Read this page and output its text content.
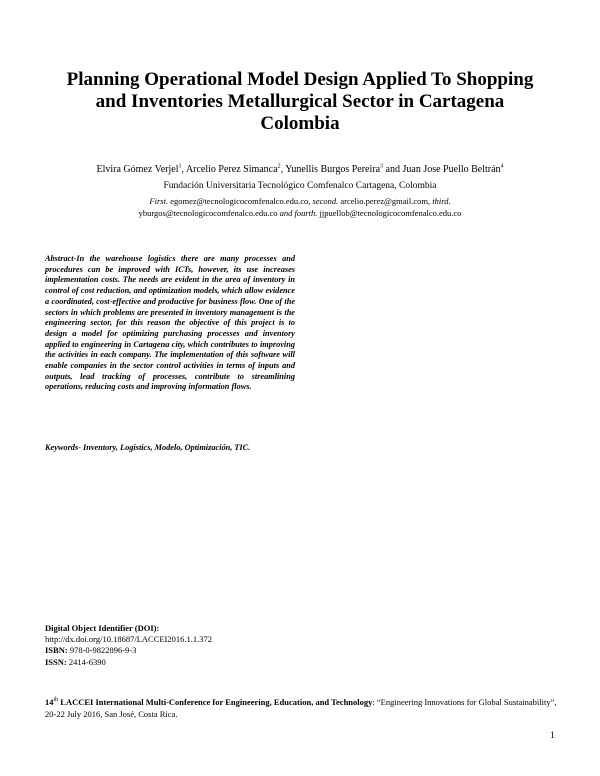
Planning Operational Model Design Applied To Shopping and Inventories Metallurgical Sector in Cartagena Colombia
Elvira Gómez Verjel$^1$, Arcelio Perez Simanca$^2$, Yunellis Burgos Pereira$^3$ and Juan Jose Puello Beltrán$^4$
Fundación Universitaria Tecnológico Comfenalco Cartagena, Colombia
First. egomez@tecnologicocomfenalco.edu.co, second. arcelio.perez@gmail.com, third.
yburgos@tecnologicocomfenalco.edu.co and fourth. jjpuellob@tecnologicocomfenalco.edu.co

Abstract-In the warehouse logistics there are many processes and procedures can be improved with ICTs, however, its use increases implementation costs. The needs are evident in the area of inventory in control of cost reduction, and optimization models, which allow evidence a coordinated, cost-effective and productive for business flow. One of the sectors in which problems are presented in inventory management is the engineering sector, for this reason the objective of this project is to design a model for optimizing purchasing processes and inventory applied to engineering in Cartagena city, which contributes to improving the activities in each company. The implementation of this software will enable companies in the sector control activities in terms of inputs and outputs, lead tracking of processes, contribute to streamlining operations, reducing costs and improving information flows.

Keywords- Inventory, Logistics, Modelo, Optimización, TIC.

Digital Object Identifier (DOI):
http://dx.doi.org/10.18687/LACCEI2016.1.1.372
ISBN: 978-0-9822896-9-3
ISSN: 2414-6390
14th LACCEI International Multi-Conference for Engineering, Education, and Technology: “Engineering Innovations for Global Sustainability”, 20-22 July 2016, San José, Costa Rica.
1
